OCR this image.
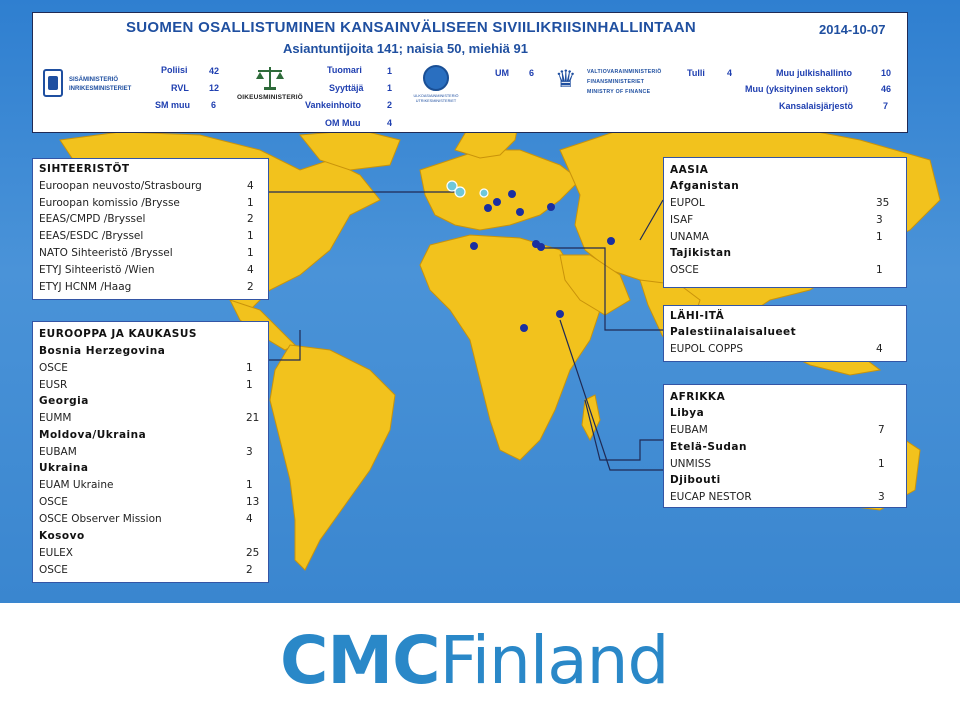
SUOMEN OSALLISTUMINEN KANSAINVÄLISEEN SIVIILIKRIISINHALLINTAAN	2014-10-07
Asiantuntijoita 141; naisia 50, miehiä 91
SISÄMINISTERIÖ
INRIKESMINISTERIET
Poliisi 42
RVL 12
SM muu 6
OIKEUSMINISTERIÖ
Tuomari	1
Syyttäjä	1
Vankeinhoito	2
OM Muu	4
ULKOASIAINMINISTERIÖ
UTRIKESMINISTERIET
UM 6 ♛ VALTIOVARAINMINISTERIÖ
FINANSMINISTERIET
MINISTRY OF FINANCE
Tulli 4	Muu julkishallinto	10
Muu (yksityinen sektori)	46
Kansalaisjärjestö	7
SIHTEERISTÖT
Euroopan neuvosto/Strasbourg	4
Euroopan komissio /Brysse	1
EEAS/CMPD /Bryssel	2
EEAS/ESDC /Bryssel	1
NATO Sihteeristö /Bryssel	1
ETYJ Sihteeristö /Wien	4
ETYJ HCNM /Haag	2
EUROOPPA JA KAUKASUS
Bosnia Herzegovina
OSCE	1
EUSR	1
Georgia
EUMM	21
Moldova/Ukraina
EUBAM	3
Ukraina
EUAM Ukraine	1
OSCE	13
OSCE Observer Mission	4
Kosovo
EULEX	25
OSCE	2
AASIA
Afganistan
EUPOL	35
ISAF	3
UNAMA	1
Tajikistan
OSCE	1
LÄHI-ITÄ
Palestiinalaisalueet
EUPOL COPPS	4
AFRIKKA
Libya
EUBAM	7
Etelä-Sudan
UNMISS	1
Djibouti
EUCAP NESTOR	3
CMCFinland
